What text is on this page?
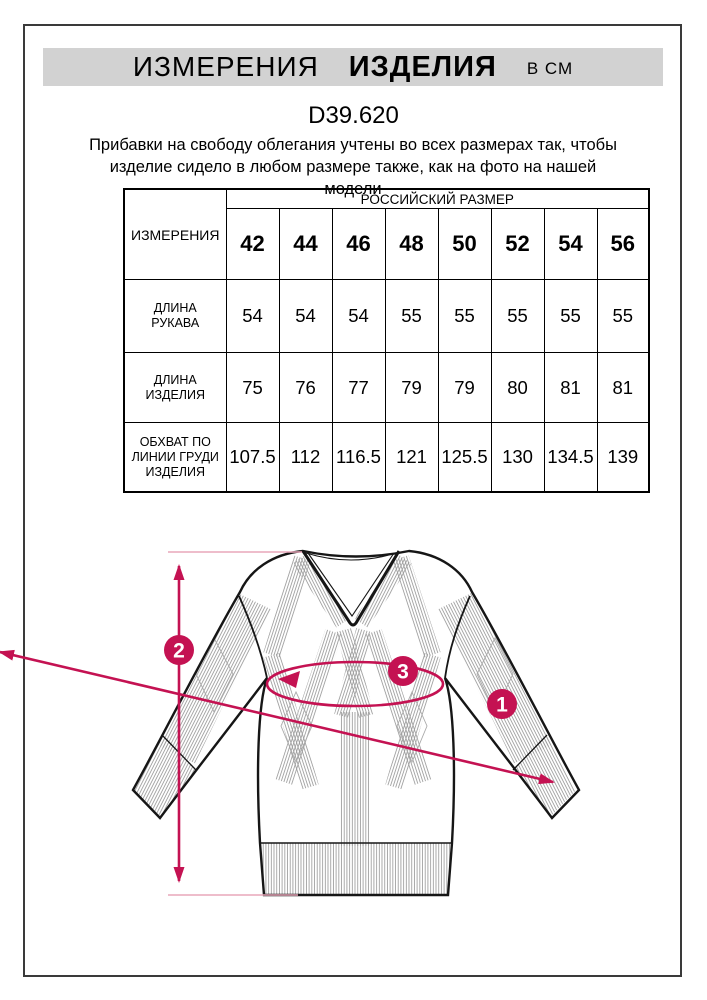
ИЗМЕРЕНИЯ ИЗДЕЛИЯ В СМ
D39.620
Прибавки на свободу облегания учтены во всех размерах так, чтобы изделие сидело в любом размере также, как на фото на нашей модели
ИЗМЕРЕНИЯ	РОССИЙСКИЙ РАЗМЕР							
	42	44	46	48	50	52	54	56
ДЛИНА РУКАВА	54	54	54	55	55	55	55	55
ДЛИНА ИЗДЕЛИЯ	75	76	77	79	79	80	81	81
ОБХВАТ ПО ЛИНИИ ГРУДИ ИЗДЕЛИЯ	107.5	112	116.5	121	125.5	130	134.5	139
1
2
3
2
3
1
